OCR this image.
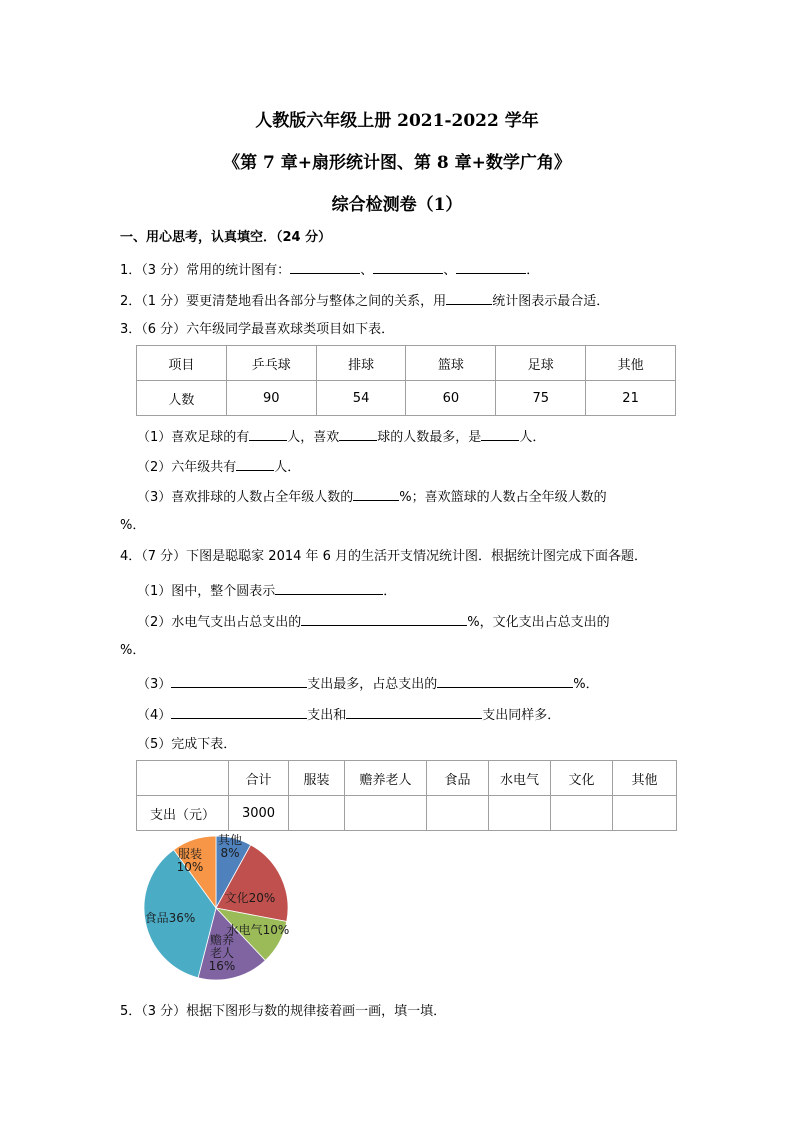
人教版六年级上册 2021-2022 学年
《第 7 章+扇形统计图、第 8 章+数学广角》
综合检测卷（1）
一、用心思考，认真填空．（24 分）
1．（3 分）常用的统计图有：	、	、	．
2．（1 分）要更清楚地看出各部分与整体之间的关系，用	统计图表示最合适．
3．（6 分）六年级同学最喜欢球类项目如下表．
项目	乒乓球	排球	篮球	足球	其他
人数	90	54	60	75	21
（1）喜欢足球的有	人，喜欢	球的人数最多，是	人．
（2）六年级共有	人．
（3）喜欢排球的人数占全年级人数的	%；喜欢篮球的人数占全年级人数的
%．
4．（7 分）下图是聪聪家 2014 年 6 月的生活开支情况统计图．根据统计图完成下面各题．
（1）图中，整个圆表示	．
（2）水电气支出占总支出的	%，文化支出占总支出的
%．
（3）	支出最多，占总支出的	%．
（4）	支出和	支出同样多．
（5）完成下表．
	合计	服装	赡养老人	食品	水电气	文化	其他
支出（元）	3000						
其他 8%
文化20%
水电气10%
赡养老人 16%
食品36%
服装 10%
5．（3 分）根据下图形与数的规律接着画一画，填一填．
